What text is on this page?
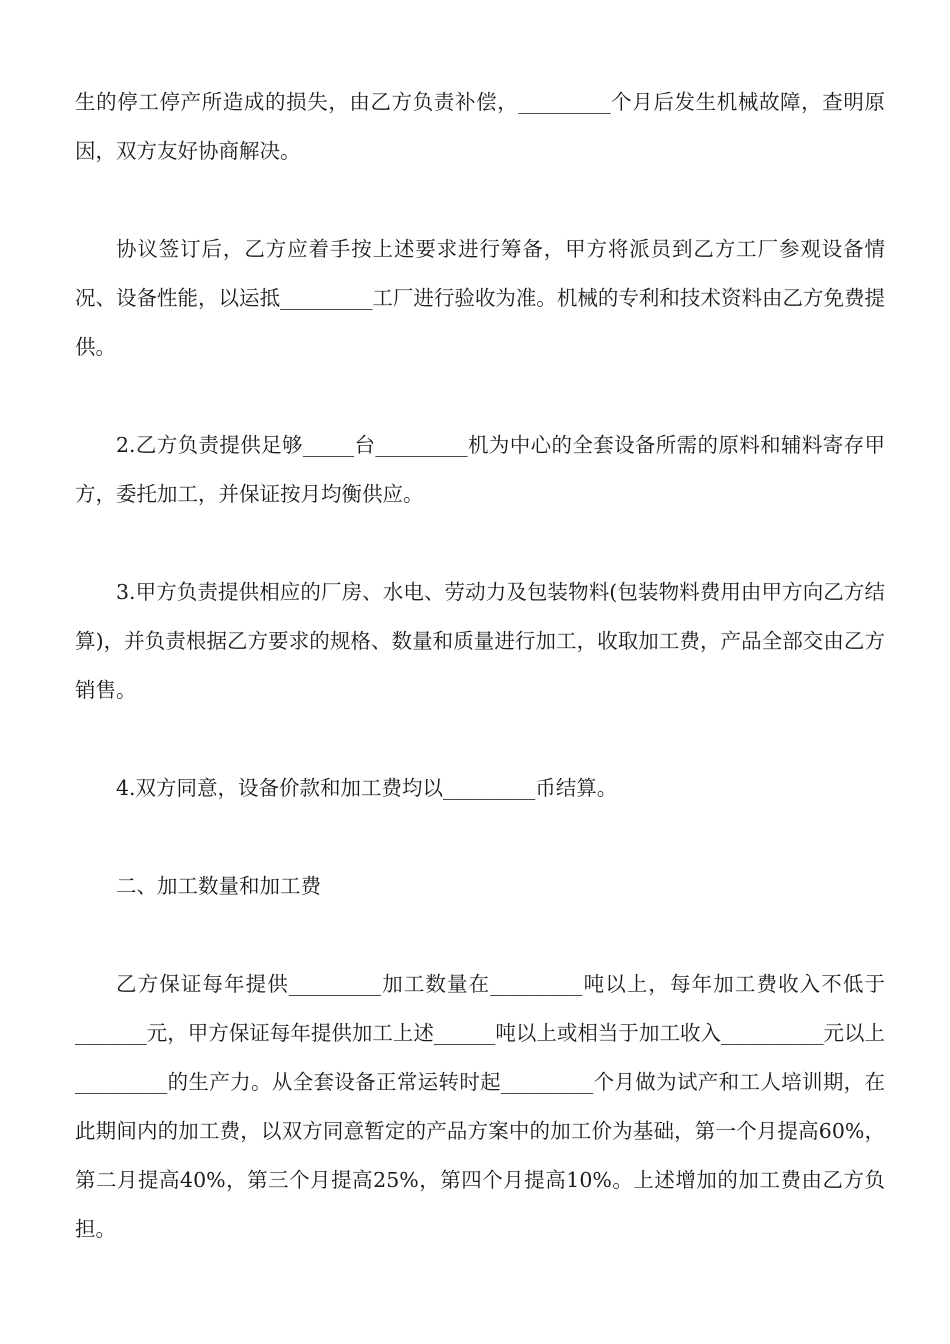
生的停工停产所造成的损失，由乙方负责补偿，_________个月后发生机械故障，查明原因，双方友好协商解决。

协议签订后，乙方应着手按上述要求进行筹备，甲方将派员到乙方工厂参观设备情况、设备性能，以运抵_________工厂进行验收为准。机械的专利和技术资料由乙方免费提供。

2.乙方负责提供足够_____台_________机为中心的全套设备所需的原料和辅料寄存甲方，委托加工，并保证按月均衡供应。

3.甲方负责提供相应的厂房、水电、劳动力及包装物料(包装物料费用由甲方向乙方结算)，并负责根据乙方要求的规格、数量和质量进行加工，收取加工费，产品全部交由乙方销售。

4.双方同意，设备价款和加工费均以_________币结算。

二、加工数量和加工费

乙方保证每年提供_________加工数量在_________吨以上，每年加工费收入不低于_______元，甲方保证每年提供加工上述______吨以上或相当于加工收入__________元以上_________的生产力。从全套设备正常运转时起_________个月做为试产和工人培训期，在此期间内的加工费，以双方同意暂定的产品方案中的加工价为基础，第一个月提高60%，第二月提高40%，第三个月提高25%，第四个月提高10%。上述增加的加工费由乙方负担。
